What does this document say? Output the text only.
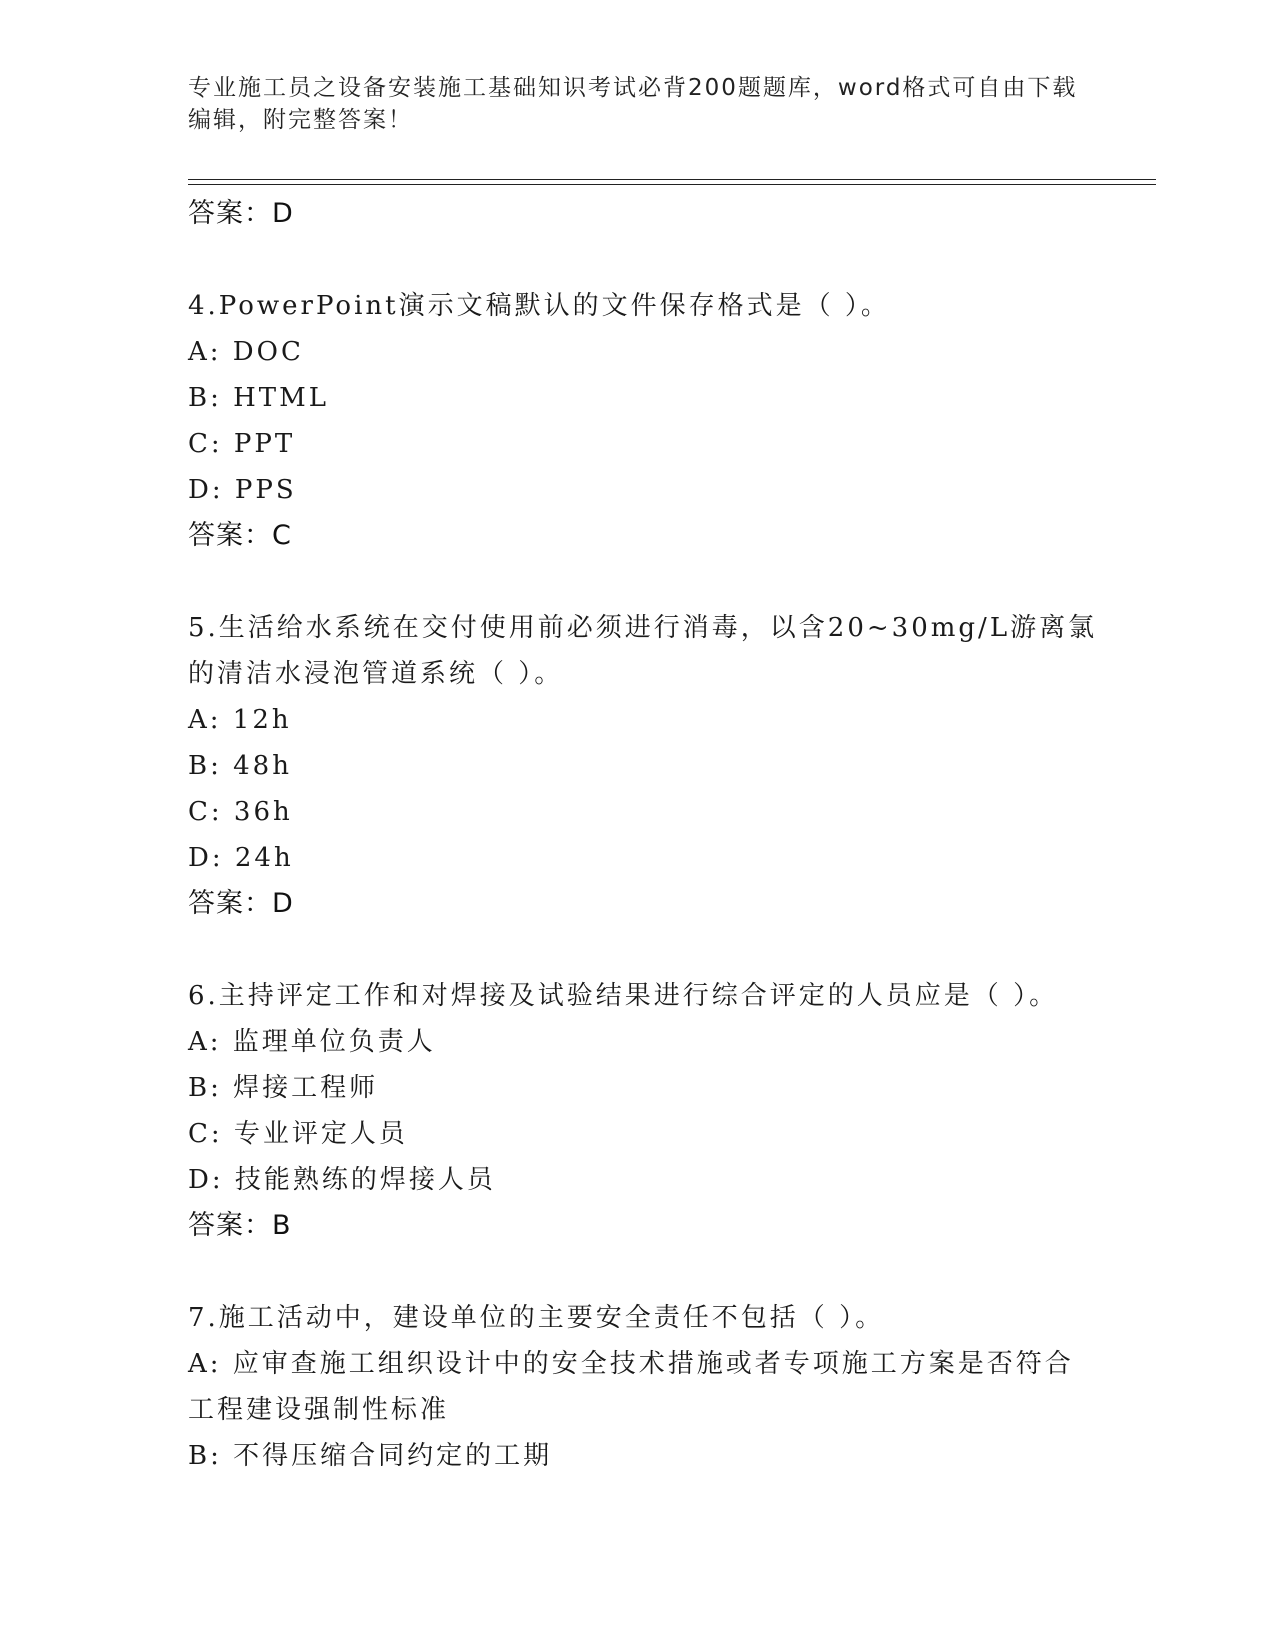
专业施工员之设备安装施工基础知识考试必背200题题库，word格式可自由下载编辑，附完整答案！
答案：D
4.PowerPoint演示文稿默认的文件保存格式是（ ）。
A: DOC
B: HTML
C: PPT
D: PPS
答案：C
5.生活给水系统在交付使用前必须进行消毒，以含20~30mg/L游离氯
的清洁水浸泡管道系统（ ）。
A: 12h
B: 48h
C: 36h
D: 24h
答案：D
6.主持评定工作和对焊接及试验结果进行综合评定的人员应是（ ）。
A: 监理单位负责人
B: 焊接工程师
C: 专业评定人员
D: 技能熟练的焊接人员
答案：B
7.施工活动中，建设单位的主要安全责任不包括（ ）。
A: 应审查施工组织设计中的安全技术措施或者专项施工方案是否符合
工程建设强制性标准
B: 不得压缩合同约定的工期
